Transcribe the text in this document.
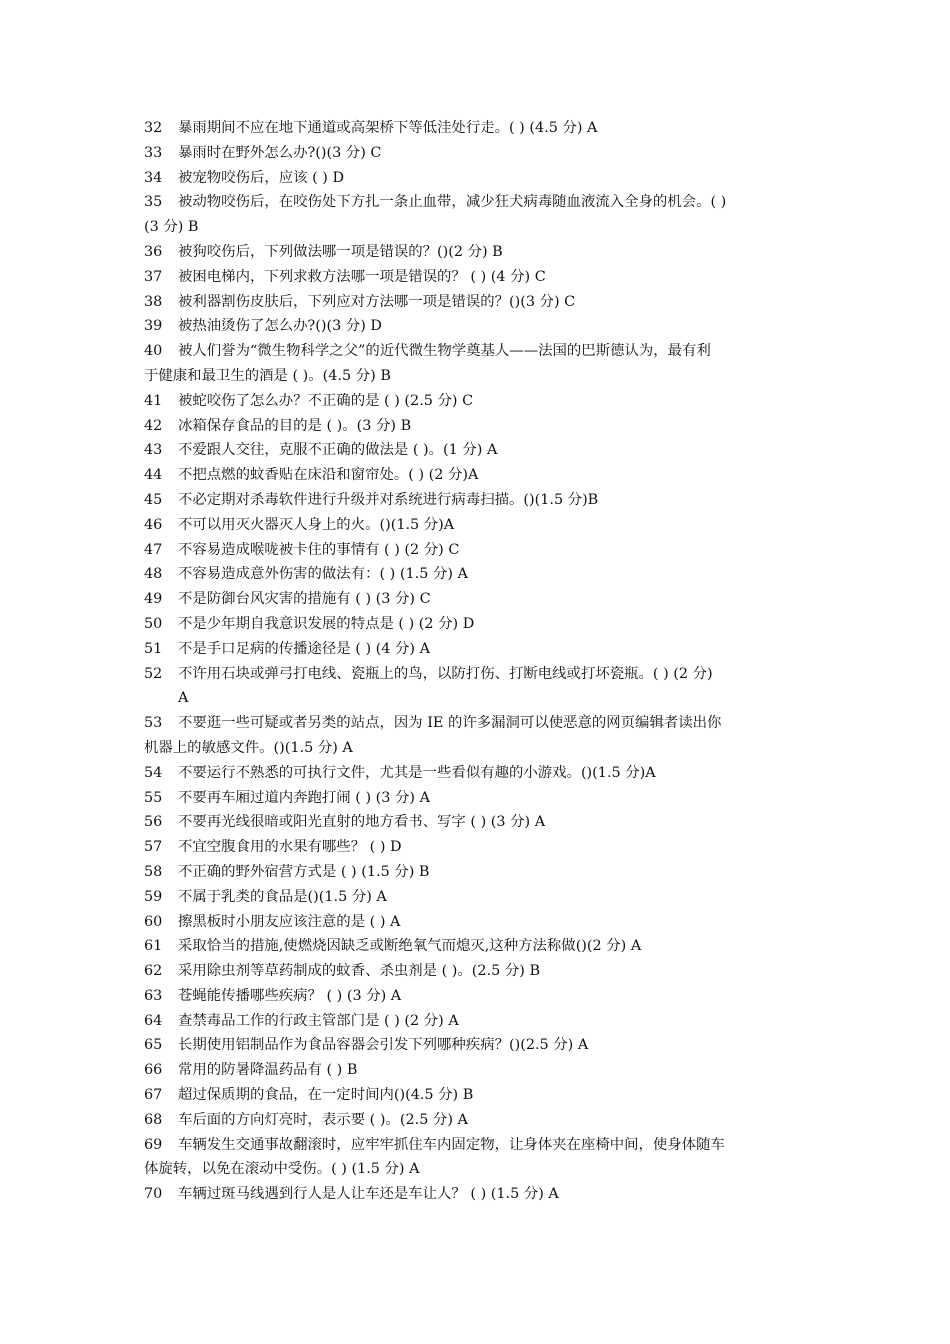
32 暴雨期间不应在地下通道或高架桥下等低洼处行走。( ) (4.5 分) A
33 暴雨时在野外怎么办?()(3 分) C
34 被宠物咬伤后，应该 ( ) D
35 被动物咬伤后，在咬伤处下方扎一条止血带，减少狂犬病毒随血液流入全身的机会。( )
(3 分) B
36 被狗咬伤后，下列做法哪一项是错误的？()(2 分) B
37 被困电梯内，下列求救方法哪一项是错误的？ ( ) (4 分) C
38 被利器割伤皮肤后，下列应对方法哪一项是错误的？()(3 分) C
39 被热油烫伤了怎么办?()(3 分) D
40 被人们誉为“微生物科学之父”的近代微生物学奠基人——法国的巴斯德认为，最有利
于健康和最卫生的酒是 ( )。(4.5 分) B
41 被蛇咬伤了怎么办？不正确的是 ( ) (2.5 分) C
42 冰箱保存食品的目的是 ( )。(3 分) B
43 不爱跟人交往，克服不正确的做法是 ( )。(1 分) A
44 不把点燃的蚊香贴在床沿和窗帘处。( ) (2 分)A
45 不必定期对杀毒软件进行升级并对系统进行病毒扫描。()(1.5 分)B
46 不可以用灭火器灭人身上的火。()(1.5 分)A
47 不容易造成喉咙被卡住的事情有 ( ) (2 分) C
48 不容易造成意外伤害的做法有：( ) (1.5 分) A
49 不是防御台风灾害的措施有 ( ) (3 分) C
50 不是少年期自我意识发展的特点是 ( ) (2 分) D
51 不是手口足病的传播途径是 ( ) (4 分) A
52 不许用石块或弹弓打电线、瓷瓶上的鸟，以防打伤、打断电线或打坏瓷瓶。( ) (2 分)
A
53 不要逛一些可疑或者另类的站点，因为 IE 的许多漏洞可以使恶意的网页编辑者读出你
机器上的敏感文件。()(1.5 分) A
54 不要运行不熟悉的可执行文件，尤其是一些看似有趣的小游戏。()(1.5 分)A
55 不要再车厢过道内奔跑打闹 ( ) (3 分) A
56 不要再光线很暗或阳光直射的地方看书、写字 ( ) (3 分) A
57 不宜空腹食用的水果有哪些？ ( ) D
58 不正确的野外宿营方式是 ( ) (1.5 分) B
59 不属于乳类的食品是()(1.5 分) A
60 擦黑板时小朋友应该注意的是 ( ) A
61 采取恰当的措施,使燃烧因缺乏或断绝氧气而熄灭,这种方法称做()(2 分) A
62 采用除虫剂等草药制成的蚊香、杀虫剂是 ( )。(2.5 分) B
63 苍蝇能传播哪些疾病？ ( ) (3 分) A
64 查禁毒品工作的行政主管部门是 ( ) (2 分) A
65 长期使用铝制品作为食品容器会引发下列哪种疾病？()(2.5 分) A
66 常用的防暑降温药品有 ( ) B
67 超过保质期的食品，在一定时间内()(4.5 分) B
68 车后面的方向灯亮时，表示要 ( )。(2.5 分) A
69 车辆发生交通事故翻滚时，应牢牢抓住车内固定物，让身体夹在座椅中间，使身体随车
体旋转，以免在滚动中受伤。( ) (1.5 分) A
70 车辆过斑马线遇到行人是人让车还是车让人？ ( ) (1.5 分) A
